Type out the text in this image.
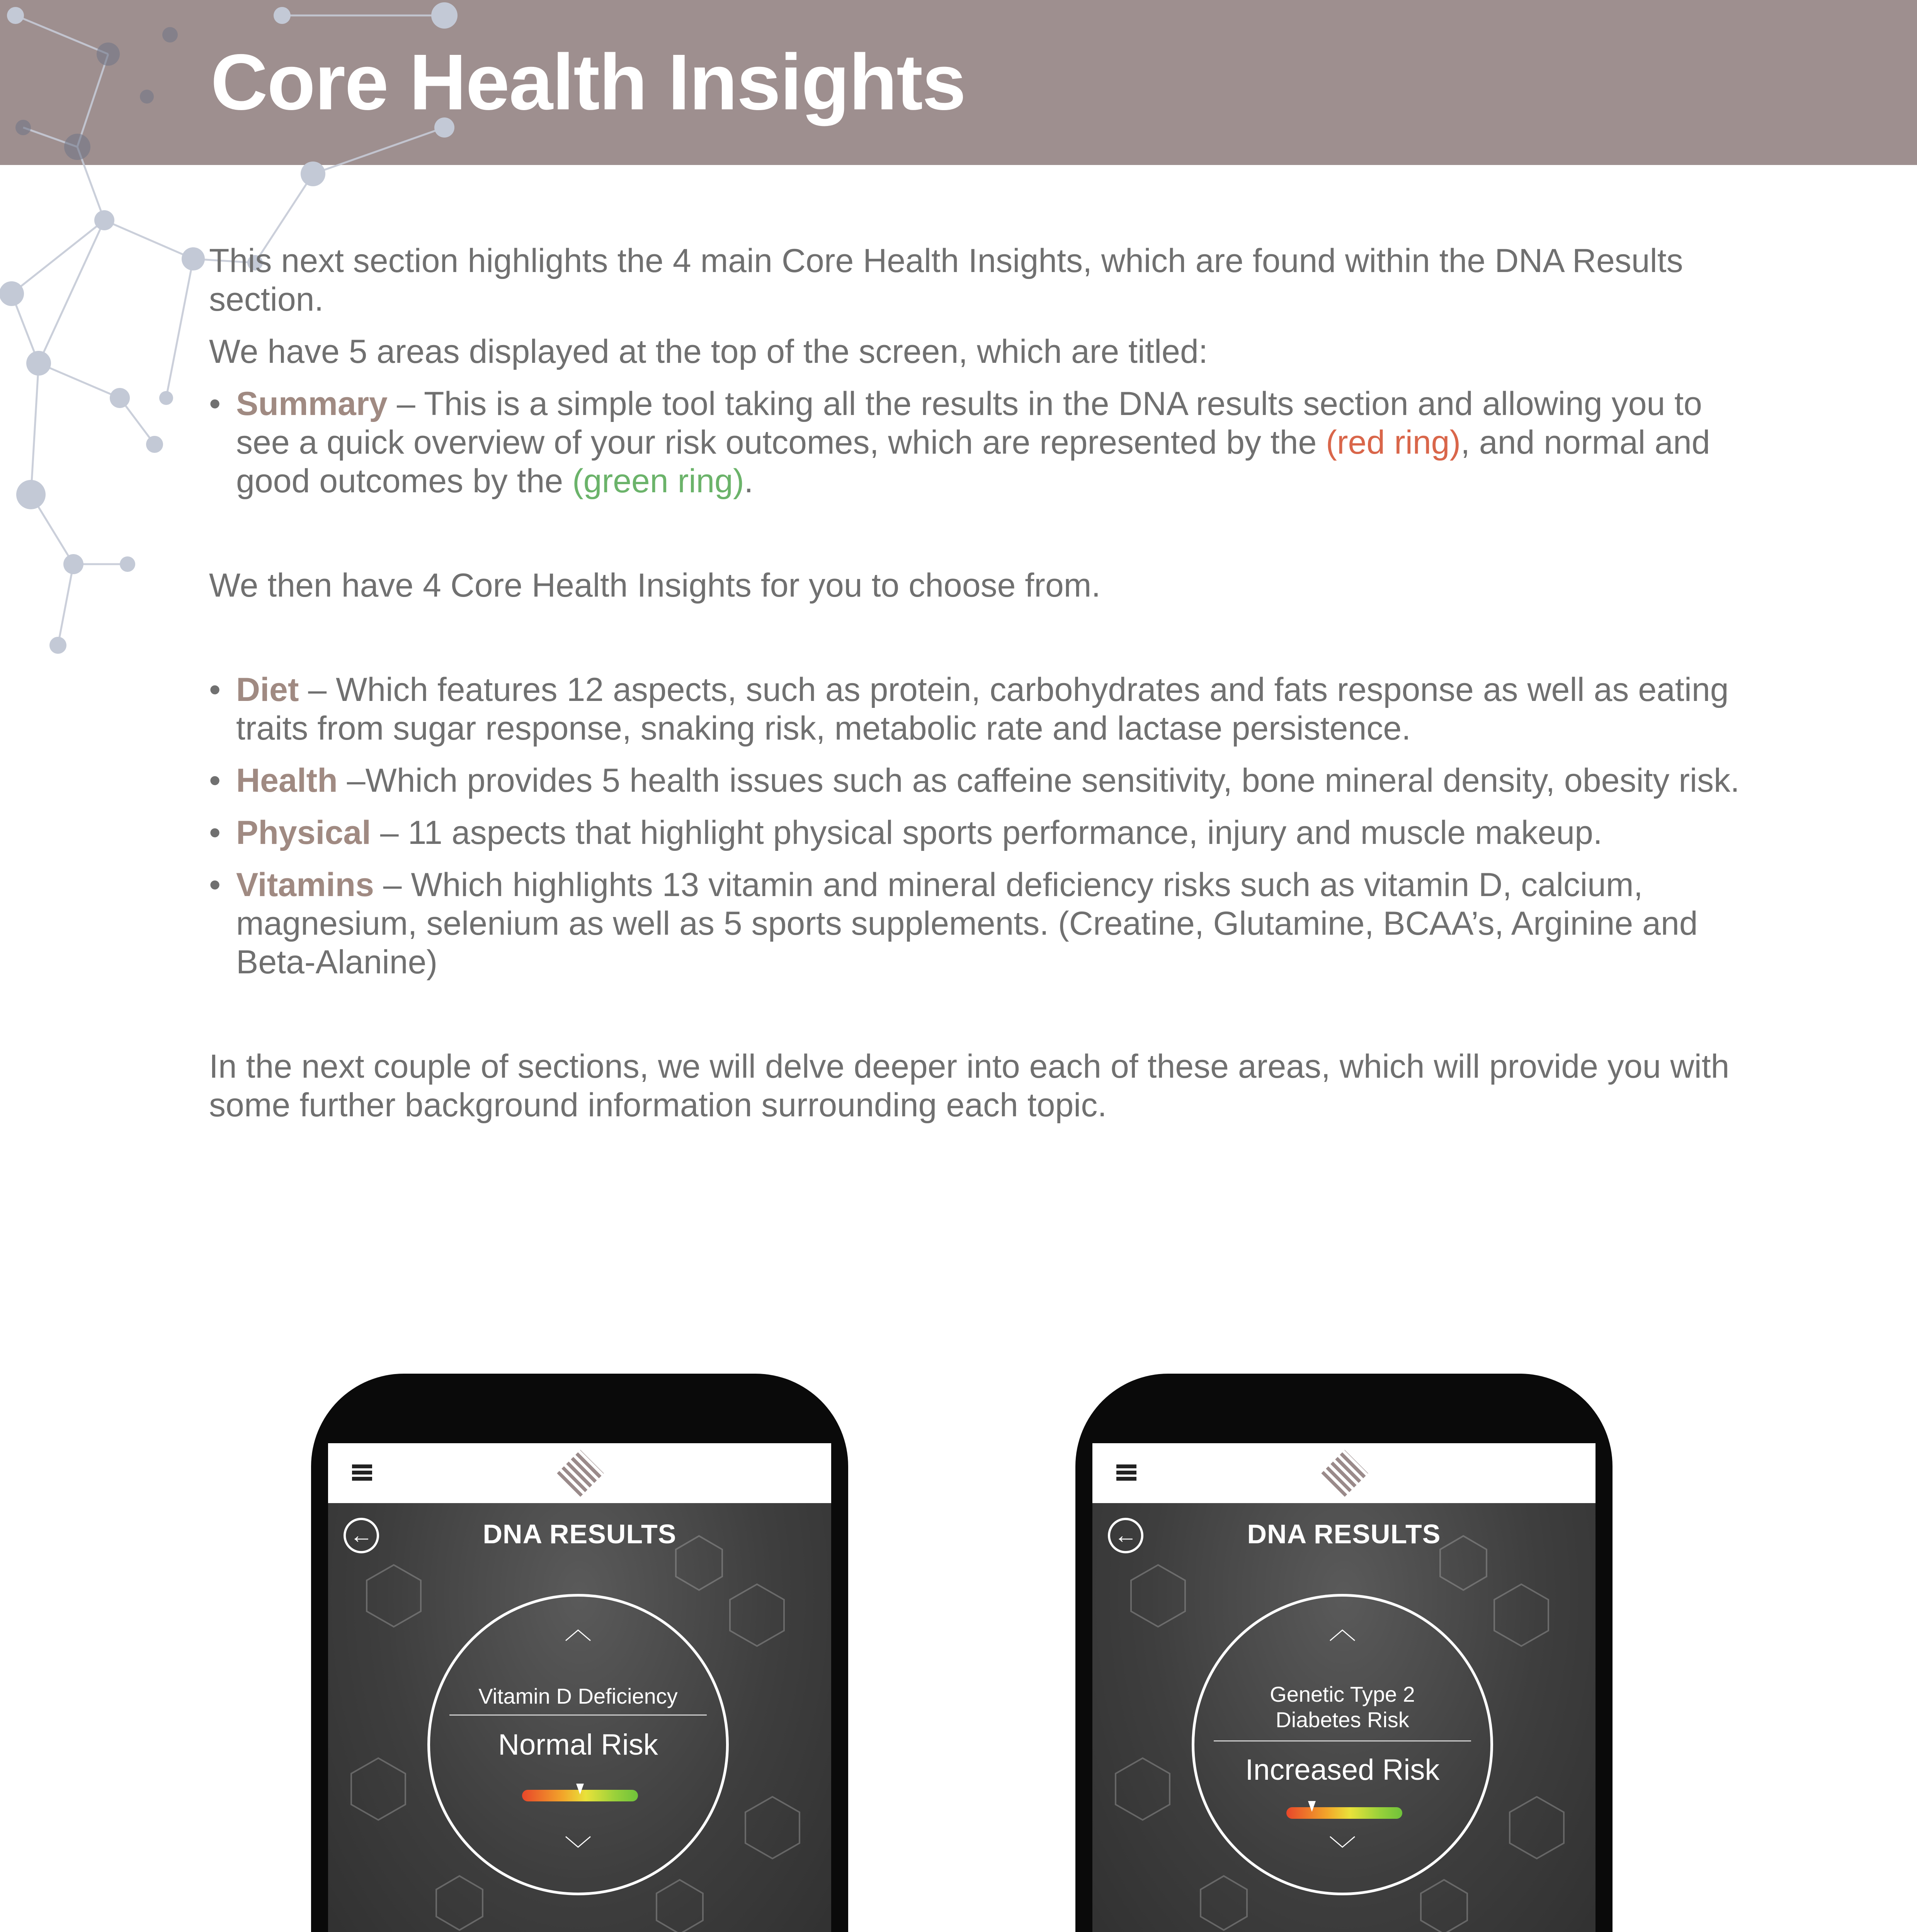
Core Health Insights

This next section highlights the 4 main Core Health Insights, which are found within the DNA Results section.

We have 5 areas displayed at the top of the screen, which are titled:

• Summary – This is a simple tool taking all the results in the DNA results section and allowing you to see a quick overview of your risk outcomes, which are represented by the (red ring), and normal and good outcomes by the (green ring).

We then have 4 Core Health Insights for you to choose from.

• Diet – Which features 12 aspects, such as protein, carbohydrates and fats response as well as eating traits from sugar response, snaking risk, metabolic rate and lactase persistence.

• Health –Which provides 5 health issues such as caffeine sensitivity, bone mineral density, obesity risk.

• Physical – 11 aspects that highlight physical sports performance, injury and muscle makeup.

• Vitamins – Which highlights 13 vitamin and mineral deficiency risks such as vitamin D, calcium, magnesium, selenium as well as 5 sports supplements. (Creatine, Glutamine, BCAA’s, Arginine and Beta-Alanine)

In the next couple of sections, we will delve deeper into each of these areas, which will provide you with some further background information surrounding each topic.

←	DNA RESULTS
︿
Vitamin D Deficiency
Normal Risk
﹀
←	DNA RESULTS
︿
Genetic Type 2
Diabetes Risk
Increased Risk
﹀
